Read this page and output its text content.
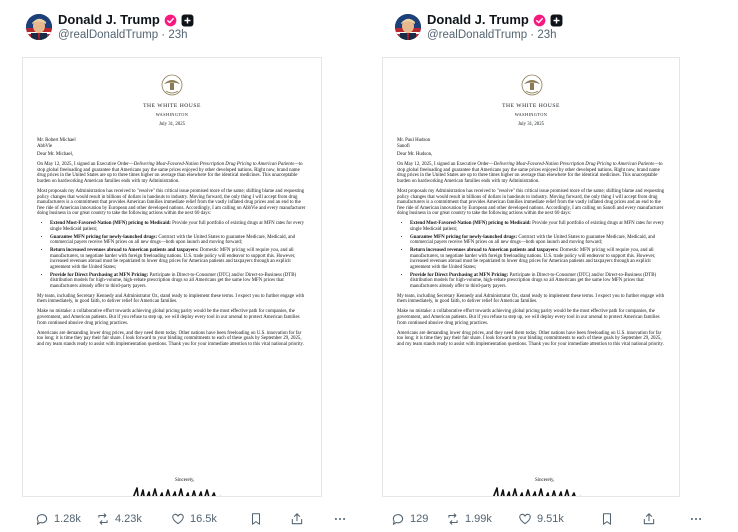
Donald J. Trump
@realDonaldTrump · 23h
THE WHITE HOUSE
WASHINGTON
July 31, 2025
Mr. Robert Michael
AbbVie

Dear Mr. Michael,

On May 12, 2025, I signed an Executive Order—Delivering Most-Favored-Nation Prescription Drug Pricing to American Patients—to stop global freeloading and guarantee that Americans pay the same prices enjoyed by other developed nations. Right now, brand name drug prices in the United States are up to three times higher on average than elsewhere for the identical medicines. This unacceptable burden on hardworking American families ends with my Administration.

Most proposals my Administration has received to "resolve" this critical issue promised more of the same; shifting blame and requesting policy changes that would result in billions of dollars in handouts to industry. Moving forward, the only thing I will accept from drug manufacturers is a commitment that provides American families immediate relief from the vastly inflated drug prices and an end to the free ride of American innovation by European and other developed nations. Accordingly, I am calling on AbbVie and every manufacturer doing business in our great country to take the following actions within the next 60 days:

• Extend Most-Favored-Nation (MFN) pricing to Medicaid: Provide your full portfolio of existing drugs at MFN rates for every single Medicaid patient;
• Guarantee MFN pricing for newly-launched drugs: Contract with the United States to guarantee Medicare, Medicaid, and commercial payers receive MFN prices on all new drugs—both upon launch and moving forward;
• Return increased revenues abroad to American patients and taxpayers: Domestic MFN pricing will require you, and all manufacturers, to negotiate harder with foreign freeloading nations. U.S. trade policy will endeavor to support this. However, increased revenues abroad must be repatriated to lower drug prices for American patients and taxpayers through an explicit agreement with the United States;
• Provide for Direct Purchasing at MFN Pricing: Participate in Direct-to-Consumer (DTC) and/or Direct-to-Business (DTB) distribution models for high-volume, high-rebate prescription drugs so all Americans get the same low MFN prices that manufacturers already offer to third-party payers.

My team, including Secretary Kennedy and Administrator Oz, stand ready to implement these terms. I expect you to further engage with them immediately, in good faith, to deliver relief for American families.

Make no mistake: a collaborative effort towards achieving global pricing parity would be the most effective path for companies, the government, and American patients. But if you refuse to step up, we will deploy every tool in our arsenal to protect American families from continued abusive drug pricing practices.

Americans are demanding lower drug prices, and they need them today. Other nations have been freeloading on U.S. innovation for far too long; it is time they pay their fair share. I look forward to your binding commitments to each of these goals by September 29, 2025, and my team stands ready to assist with implementation questions. Thank you for your immediate attention to this vital national priority.

Sincerely,
1.28k	4.23k	16.5k
Donald J. Trump
@realDonaldTrump · 23h
THE WHITE HOUSE
WASHINGTON
July 31, 2025
Mr. Paul Hudson
Sanofi

Dear Mr. Hudson,

On May 12, 2025, I signed an Executive Order—Delivering Most-Favored-Nation Prescription Drug Pricing to American Patients—to stop global freeloading and guarantee that Americans pay the same prices enjoyed by other developed nations. Right now, brand name drug prices in the United States are up to three times higher on average than elsewhere for the identical medicines. This unacceptable burden on hardworking American families ends with my Administration.

Most proposals my Administration has received to "resolve" this critical issue promised more of the same; shifting blame and requesting policy changes that would result in billions of dollars in handouts to industry. Moving forward, the only thing I will accept from drug manufacturers is a commitment that provides American families immediate relief from the vastly inflated drug prices and an end to the free ride of American innovation by European and other developed nations. Accordingly, I am calling on Sanofi and every manufacturer doing business in our great country to take the following actions within the next 60 days:

• Extend Most-Favored-Nation (MFN) pricing to Medicaid: Provide your full portfolio of existing drugs at MFN rates for every single Medicaid patient;
• Guarantee MFN pricing for newly-launched drugs: Contract with the United States to guarantee Medicare, Medicaid, and commercial payers receive MFN prices on all new drugs—both upon launch and moving forward;
• Return increased revenues abroad to American patients and taxpayers: Domestic MFN pricing will require you, and all manufacturers, to negotiate harder with foreign freeloading nations. U.S. trade policy will endeavor to support this. However, increased revenues abroad must be repatriated to lower drug prices for American patients and taxpayers through an explicit agreement with the United States;
• Provide for Direct Purchasing at MFN Pricing: Participate in Direct-to-Consumer (DTC) and/or Direct-to-Business (DTB) distribution models for high-volume, high-rebate prescription drugs so all Americans get the same low MFN prices that manufacturers already offer to third-party payers.

My team, including Secretary Kennedy and Administrator Oz, stand ready to implement these terms. I expect you to further engage with them immediately, in good faith, to deliver relief for American families.

Make no mistake: a collaborative effort towards achieving global pricing parity would be the most effective path for companies, the government, and American patients. But if you refuse to step up, we will deploy every tool in our arsenal to protect American families from continued abusive drug pricing practices.

Americans are demanding lower drug prices, and they need them today. Other nations have been freeloading on U.S. innovation for far too long; it is time they pay their fair share. I look forward to your binding commitments to each of these goals by September 29, 2025, and my team stands ready to assist with implementation questions. Thank you for your immediate attention to this vital national priority.

Sincerely,
129	1.99k	9.51k
